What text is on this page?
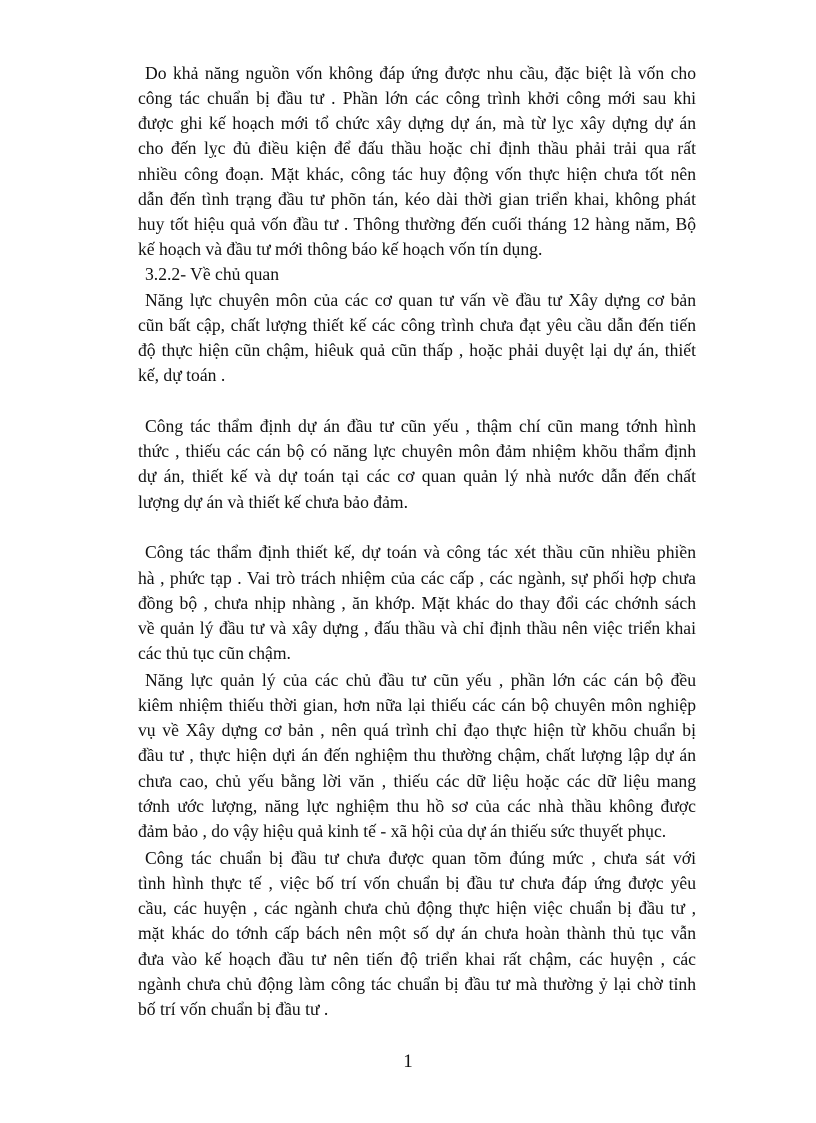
Do khả năng nguồn vốn không đáp ứng được nhu cầu, đặc biệt là vốn cho
công tác chuẩn bị đầu tư . Phần lớn các công trình khởi công mới sau khi
được ghi kế hoạch mới tổ chức xây dựng dự án, mà từ lỵc xây dựng dự án
cho đến lỵc đủ điều kiện để đấu thầu hoặc chỉ định thầu phải trải qua rất
nhiều công đoạn. Mặt khác, công tác huy động vốn thực hiện chưa tốt nên
dẫn đến tình trạng đầu tư phõn tán, kéo dài thời gian triển khai, không phát
huy tốt hiệu quả vốn đầu tư . Thông thường đến cuối tháng 12 hàng năm, Bộ
kế hoạch và đầu tư mới thông báo kế hoạch vốn tín dụng.
3.2.2- Về chủ quan
Năng lực chuyên môn của các cơ quan tư vấn về đầu tư Xây dựng cơ bản
cũn bất cập, chất lượng thiết kế các công trình chưa đạt yêu cầu dẫn đến tiến
độ thực hiện cũn chậm, hiêuk quả cũn thấp , hoặc phải duyệt lại dự án, thiết
kế, dự toán .
Công tác thẩm định dự án đầu tư cũn yếu , thậm chí cũn mang tớnh hình
thức , thiếu các cán bộ có năng lực chuyên môn đảm nhiệm khõu thẩm định
dự án, thiết kế và dự toán tại các cơ quan quản lý nhà nước dẫn đến chất
lượng dự án và thiết kế chưa bảo đảm.
Công tác thẩm định thiết kế, dự toán và công tác xét thầu cũn nhiều phiền
hà , phức tạp . Vai trò trách nhiệm của các cấp , các ngành, sự phối hợp chưa
đồng bộ , chưa nhịp nhàng , ăn khớp. Mặt khác do thay đổi các chớnh sách
về quản lý đầu tư và xây dựng , đấu thầu và chỉ định thầu nên việc triển khai
các thủ tục cũn chậm.
Năng lực quản lý của các chủ đầu tư cũn yếu , phần lớn các cán bộ đều
kiêm nhiệm thiếu thời gian, hơn nữa lại thiếu các cán bộ chuyên môn nghiệp
vụ về Xây dựng cơ bản , nên quá trình chỉ đạo thực hiện từ khõu chuẩn bị
đầu tư , thực hiện dựi án đến nghiệm thu thường chậm, chất lượng lập dự án
chưa cao, chủ yếu bằng lời văn , thiếu các dữ liệu hoặc các dữ liệu mang
tớnh ước lượng, năng lực nghiệm thu hồ sơ của các nhà thầu không được
đảm bảo , do vậy hiệu quả kinh tế - xã hội của dự án thiếu sức thuyết phục.
Công tác chuẩn bị đầu tư chưa được quan tõm đúng mức , chưa sát với
tình hình thực tế , việc bố trí vốn chuẩn bị đầu tư chưa đáp ứng được yêu
cầu, các huyện , các ngành chưa chủ động thực hiện việc chuẩn bị đầu tư ,
mặt khác do tớnh cấp bách nên một số dự án chưa hoàn thành thủ tục vẫn
đưa vào kế hoạch đầu tư nên tiến độ triển khai rất chậm, các huyện , các
ngành chưa chủ động làm công tác chuẩn bị đầu tư mà thường ỷ lại chờ tỉnh
bố trí vốn chuẩn bị đầu tư .
1
